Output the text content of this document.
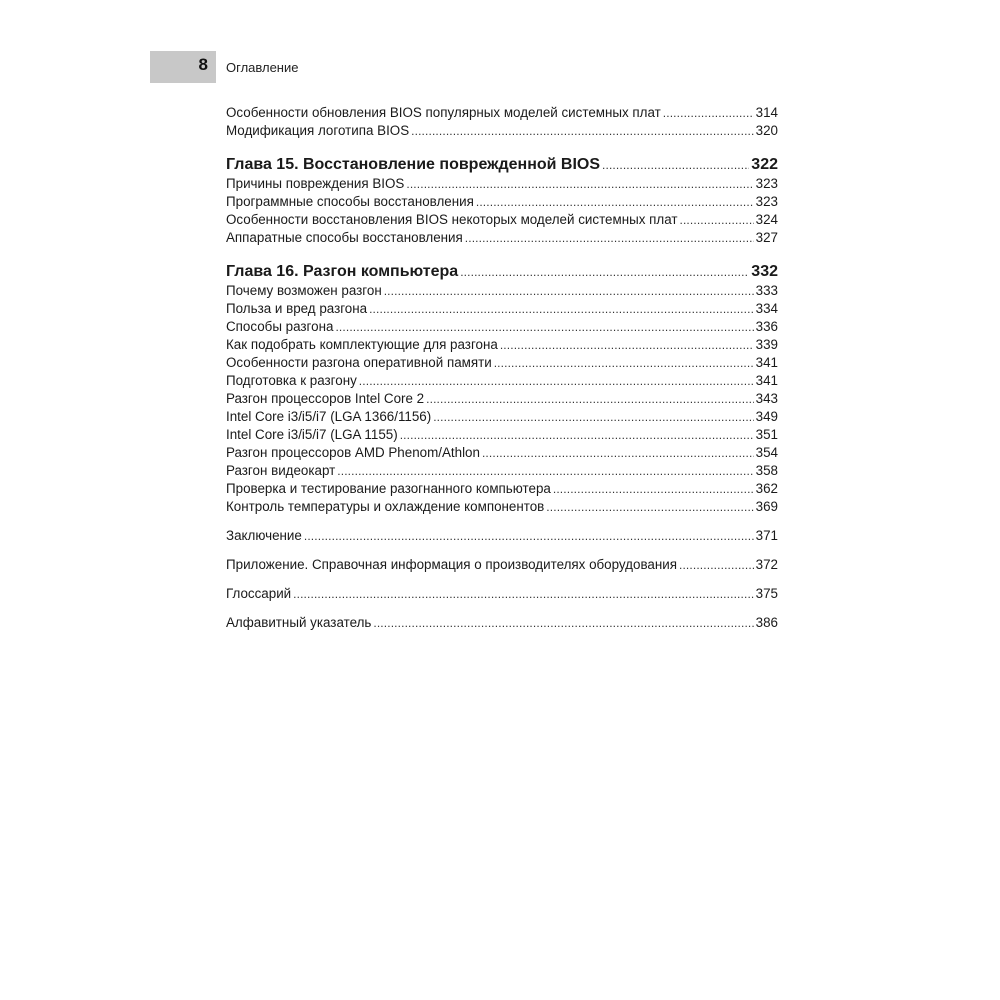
8 Оглавление
Особенности обновления BIOS популярных моделей системных плат . . .	314
Модификация логотипа BIOS . . .	320
Глава 15. Восстановление поврежденной BIOS . . .	322
Причины повреждения BIOS . . .	323
Программные способы восстановления . . .	323
Особенности восстановления BIOS некоторых моделей системных плат . . .	324
Аппаратные способы восстановления . . .	327
Глава 16. Разгон компьютера . . .	332
Почему возможен разгон . . .	333
Польза и вред разгона . . .	334
Способы разгона . . .	336
Как подобрать комплектующие для разгона . . .	339
Особенности разгона оперативной памяти . . .	341
Подготовка к разгону . . .	341
Разгон процессоров Intel Core 2 . . .	343
Intel Core i3/i5/i7 (LGA 1366/1156) . . .	349
Intel Core i3/i5/i7 (LGA 1155) . . .	351
Разгон процессоров AMD Phenom/Athlon . . .	354
Разгон видеокарт . . .	358
Проверка и тестирование разогнанного компьютера . . .	362
Контроль температуры и охлаждение компонентов . . .	369
Заключение . . .	371
Приложение. Справочная информация о производителях оборудования . . .	372
Глоссарий . . .	375
Алфавитный указатель . . .	386
